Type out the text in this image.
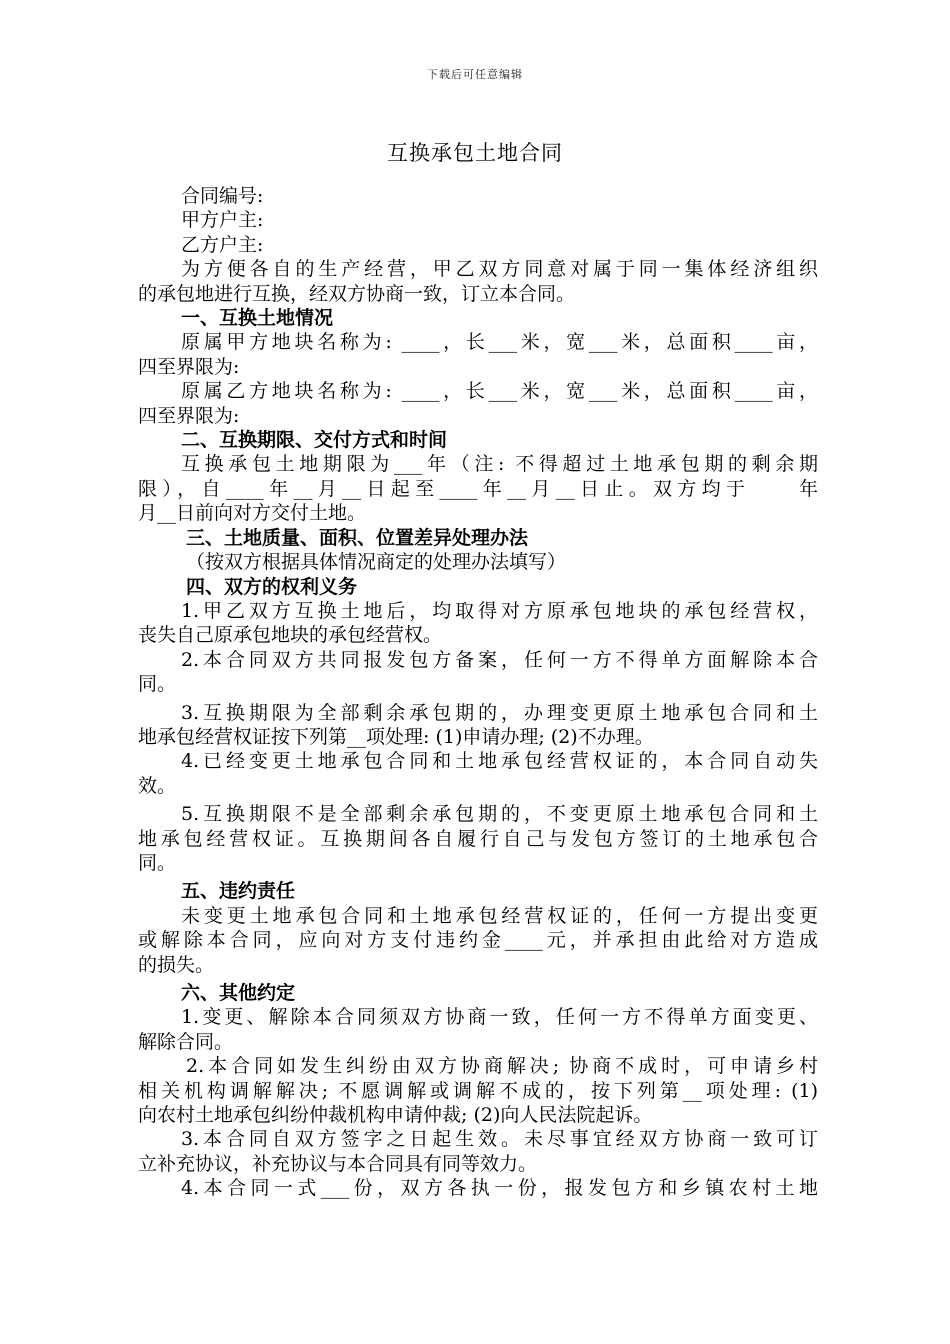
下载后可任意编辑
互换承包土地合同

合同编号:

甲方户主:

乙方户主:

为方便各自的生产经营，甲乙双方同意对属于同一集体经济组织

的承包地进行互换，经双方协商一致，订立本合同。

一、互换土地情况

原属甲方地块名称为: ____，长___米，宽___米，总面积____亩，

四至界限为:

原属乙方地块名称为: ____，长___米，宽___米，总面积____亩，

四至界限为:

二、互换期限、交付方式和时间

互换承包土地期限为___年（注: 不得超过土地承包期的剩余期

限），自____年__月__日起至____年__月__日止。双方均于　　年

月__日前向对方交付土地。

三、土地质量、面积、位置差异处理办法

（按双方根据具体情况商定的处理办法填写）

四、双方的权利义务

1.甲乙双方互换土地后，均取得对方原承包地块的承包经营权，

丧失自己原承包地块的承包经营权。

2.本合同双方共同报发包方备案，任何一方不得单方面解除本合

同。

3.互换期限为全部剩余承包期的，办理变更原土地承包合同和土

地承包经营权证按下列第__项处理: (1)申请办理; (2)不办理。

4.已经变更土地承包合同和土地承包经营权证的，本合同自动失

效。

5.互换期限不是全部剩余承包期的，不变更原土地承包合同和土

地承包经营权证。互换期间各自履行自己与发包方签订的土地承包合

同。

五、违约责任

未变更土地承包合同和土地承包经营权证的，任何一方提出变更

或解除本合同，应向对方支付违约金____元，并承担由此给对方造成

的损失。

六、其他约定

1.变更、解除本合同须双方协商一致，任何一方不得单方面变更、

解除合同。

2.本合同如发生纠纷由双方协商解决; 协商不成时，可申请乡村

相关机构调解解决; 不愿调解或调解不成的，按下列第__项处理: (1)

向农村土地承包纠纷仲裁机构申请仲裁; (2)向人民法院起诉。

3.本合同自双方签字之日起生效。未尽事宜经双方协商一致可订

立补充协议，补充协议与本合同具有同等效力。

4.本合同一式___份，双方各执一份，报发包方和乡镇农村土地
